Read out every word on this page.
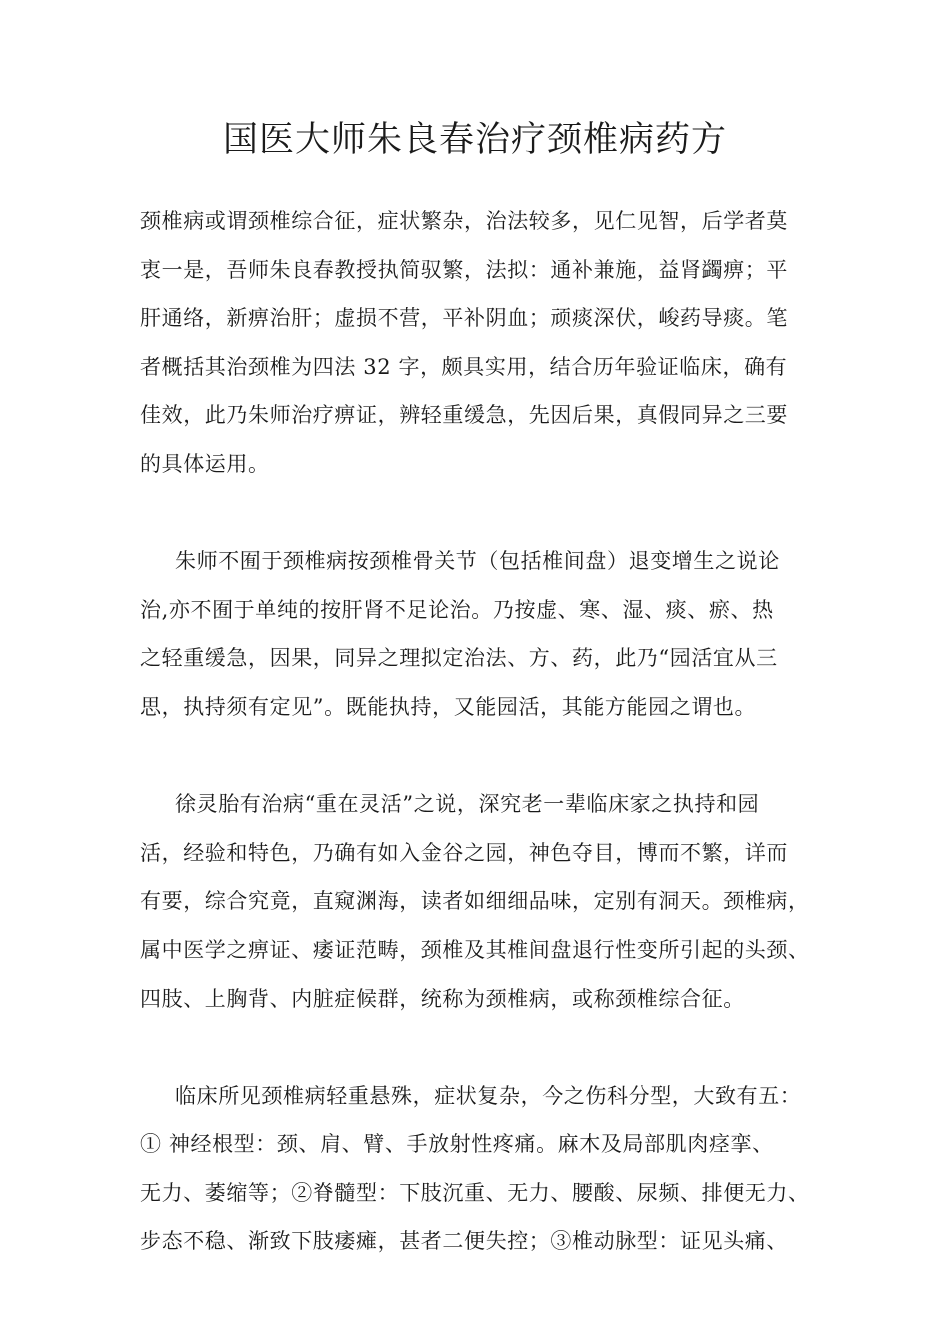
国医大师朱良春治疗颈椎病药方
颈椎病或谓颈椎综合征，症状繁杂，治法较多，见仁见智，后学者莫
衷一是，吾师朱良春教授执简驭繁，法拟：通补兼施，益肾蠲痹；平
肝通络，新痹治肝；虚损不营，平补阴血；顽痰深伏，峻药导痰。笔
者概括其治颈椎为四法 32 字，颇具实用，结合历年验证临床，确有
佳效，此乃朱师治疗痹证，辨轻重缓急，先因后果，真假同异之三要
的具体运用。
朱师不囿于颈椎病按颈椎骨关节（包括椎间盘）退变增生之说论
治,亦不囿于单纯的按肝肾不足论治。乃按虚、寒、湿、痰、瘀、热
之轻重缓急，因果，同异之理拟定治法、方、药，此乃“园活宜从三
思，执持须有定见”。既能执持，又能园活，其能方能园之谓也。
徐灵胎有治病“重在灵活”之说，深究老一辈临床家之执持和园
活，经验和特色，乃确有如入金谷之园，神色夺目，博而不繁，详而
有要，综合究竟，直窥渊海，读者如细细品味，定别有洞天。颈椎病，
属中医学之痹证、痿证范畴，颈椎及其椎间盘退行性变所引起的头颈、
四肢、上胸背、内脏症候群，统称为颈椎病，或称颈椎综合征。
临床所见颈椎病轻重悬殊，症状复杂，今之伤科分型，大致有五：
① 神经根型：颈、肩、臂、手放射性疼痛。麻木及局部肌肉痉挛、
无力、萎缩等；②脊髓型：下肢沉重、无力、腰酸、尿频、排便无力、
步态不稳、渐致下肢痿瘫，甚者二便失控；③椎动脉型：证见头痛、
